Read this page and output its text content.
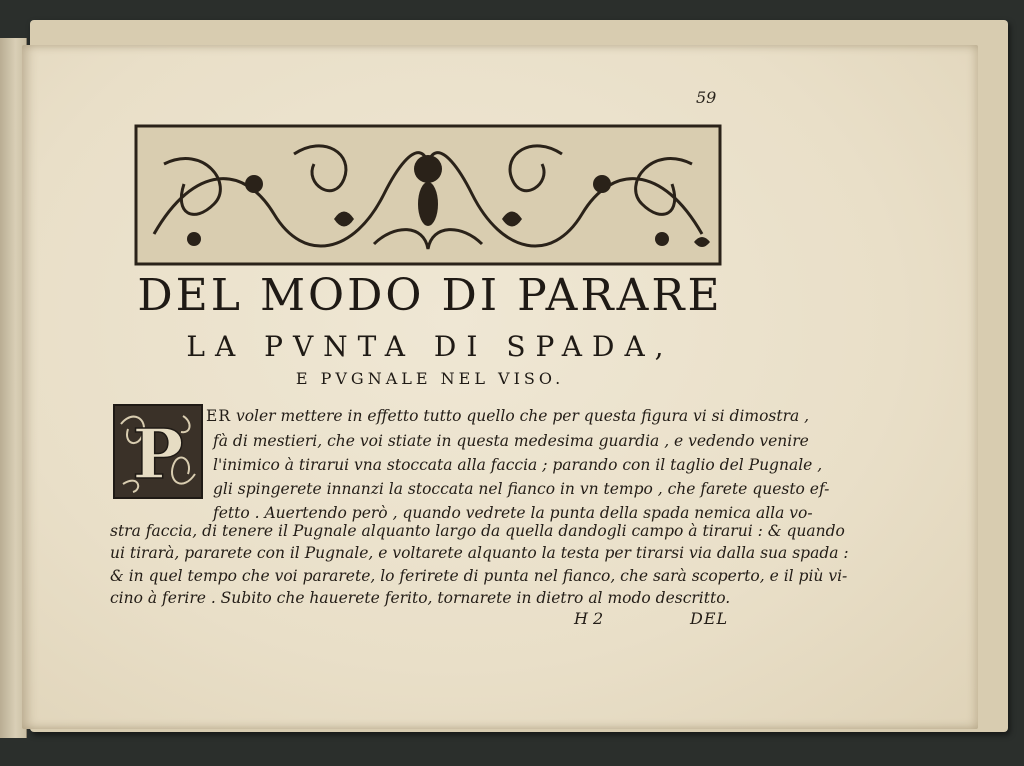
59
DEL MODO DI PARARE
LA PVNTA DI SPADA,
E PVGNALE NEL VISO.
P ER voler mettere in effetto tutto quello che per questa figura vi si dimostra ,
fà di mestieri, che voi stiate in questa medesima guardia , e vedendo venire
l'inimico à tirarui vna stoccata alla faccia ; parando con il taglio del Pugnale ,
gli spingerete innanzi la stoccata nel fianco in vn tempo , che farete questo ef-
fetto . Auertendo però , quando vedrete la punta della spada nemica alla vo-
stra faccia, di tenere il Pugnale alquanto largo da quella dandogli campo à tirarui : & quando
ui tirarà, pararete con il Pugnale, e voltarete alquanto la testa per tirarsi via dalla sua spada :
& in quel tempo che voi pararete, lo ferirete di punta nel fianco, che sarà scoperto, e il più vi-
cino à ferire . Subito che hauerete ferito, tornarete in dietro al modo descritto.
H 2	DEL
